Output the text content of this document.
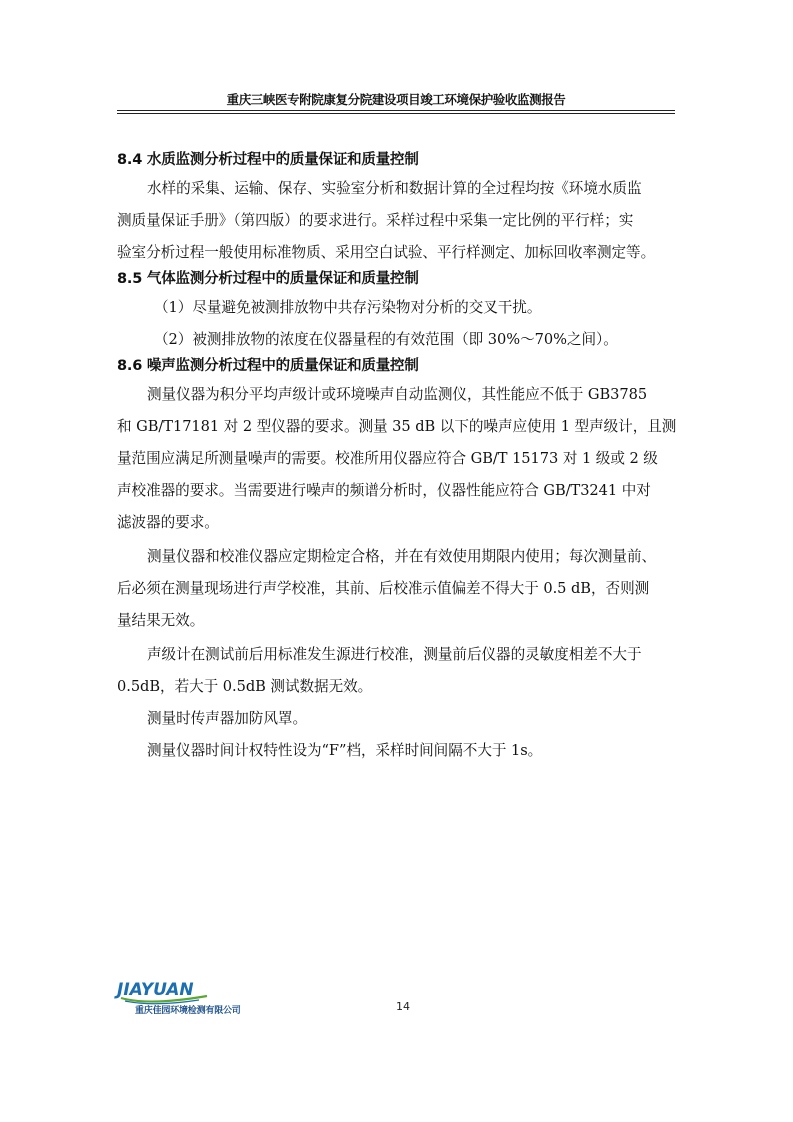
重庆三峡医专附院康复分院建设项目竣工环境保护验收监测报告
8.4 水质监测分析过程中的质量保证和质量控制
水样的采集、运输、保存、实验室分析和数据计算的全过程均按《环境水质监
测质量保证手册》（第四版）的要求进行。采样过程中采集一定比例的平行样；实
验室分析过程一般使用标准物质、采用空白试验、平行样测定、加标回收率测定等。
8.5 气体监测分析过程中的质量保证和质量控制
（1）尽量避免被测排放物中共存污染物对分析的交叉干扰。
（2）被测排放物的浓度在仪器量程的有效范围（即 30%～70%之间）。
8.6 噪声监测分析过程中的质量保证和质量控制
测量仪器为积分平均声级计或环境噪声自动监测仪，其性能应不低于 GB3785
和 GB/T17181 对 2 型仪器的要求。测量 35 dB 以下的噪声应使用 1 型声级计，且测
量范围应满足所测量噪声的需要。校准所用仪器应符合 GB/T 15173 对 1 级或 2 级
声校准器的要求。当需要进行噪声的频谱分析时，仪器性能应符合 GB/T3241 中对
滤波器的要求。
测量仪器和校准仪器应定期检定合格，并在有效使用期限内使用；每次测量前、
后必须在测量现场进行声学校准，其前、后校准示值偏差不得大于 0.5 dB，否则测
量结果无效。
声级计在测试前后用标准发生源进行校准，测量前后仪器的灵敏度相差不大于
0.5dB，若大于 0.5dB 测试数据无效。
测量时传声器加防风罩。
测量仪器时间计权特性设为“F”档，采样时间间隔不大于 1s。
JIAYUAN
重庆佳园环境检测有限公司	14
